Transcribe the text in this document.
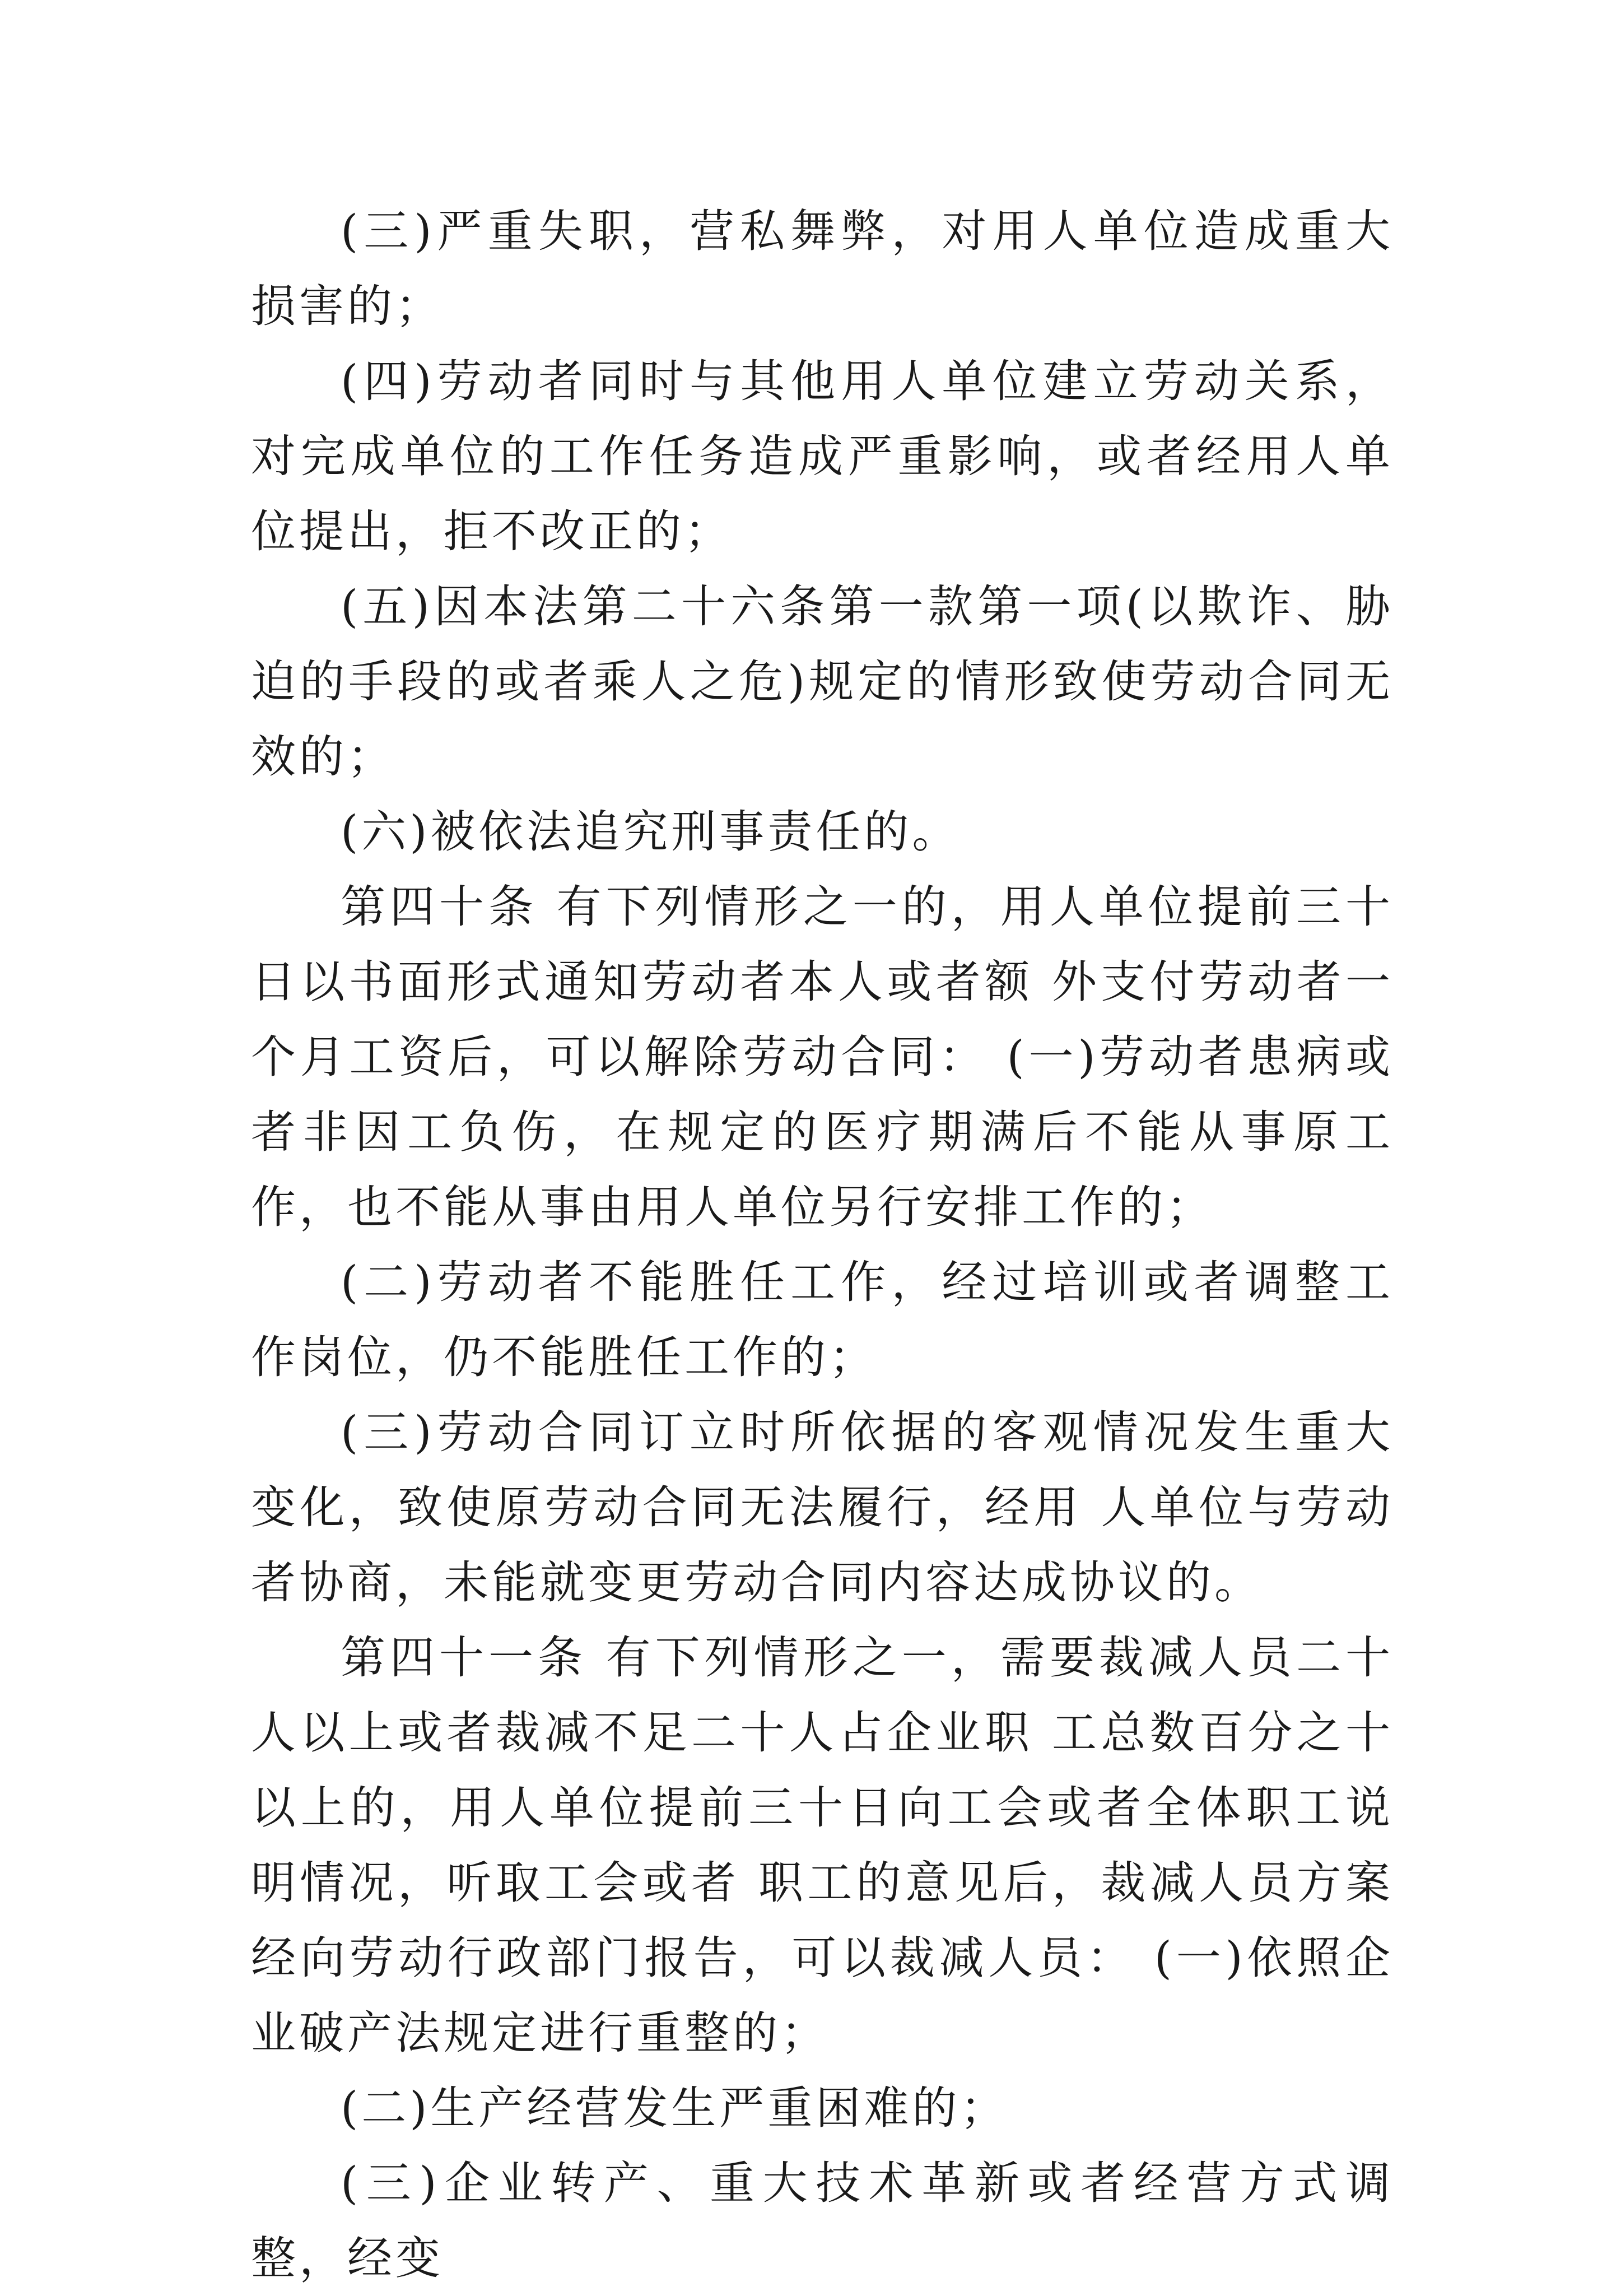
(三)严重失职，营私舞弊，对用人单位造成重大损害的；

(四)劳动者同时与其他用人单位建立劳动关系，对完成单位的工作任务造成严重影响，或者经用人单位提出，拒不改正的；

(五)因本法第二十六条第一款第一项(以欺诈、胁迫的手段的或者乘人之危)规定的情形致使劳动合同无效的；

(六)被依法追究刑事责任的。

第四十条 有下列情形之一的，用人单位提前三十日以书面形式通知劳动者本人或者额 外支付劳动者一个月工资后，可以解除劳动合同： (一)劳动者患病或者非因工负伤，在规定的医疗期满后不能从事原工作，也不能从事由用人单位另行安排工作的；

(二)劳动者不能胜任工作，经过培训或者调整工作岗位，仍不能胜任工作的；

(三)劳动合同订立时所依据的客观情况发生重大变化，致使原劳动合同无法履行，经用 人单位与劳动者协商，未能就变更劳动合同内容达成协议的。

第四十一条 有下列情形之一，需要裁减人员二十人以上或者裁减不足二十人占企业职 工总数百分之十以上的，用人单位提前三十日向工会或者全体职工说明情况，听取工会或者 职工的意见后，裁减人员方案经向劳动行政部门报告，可以裁减人员： (一)依照企业破产法规定进行重整的；

(二)生产经营发生严重困难的；

(三)企业转产、重大技术革新或者经营方式调整，经变
